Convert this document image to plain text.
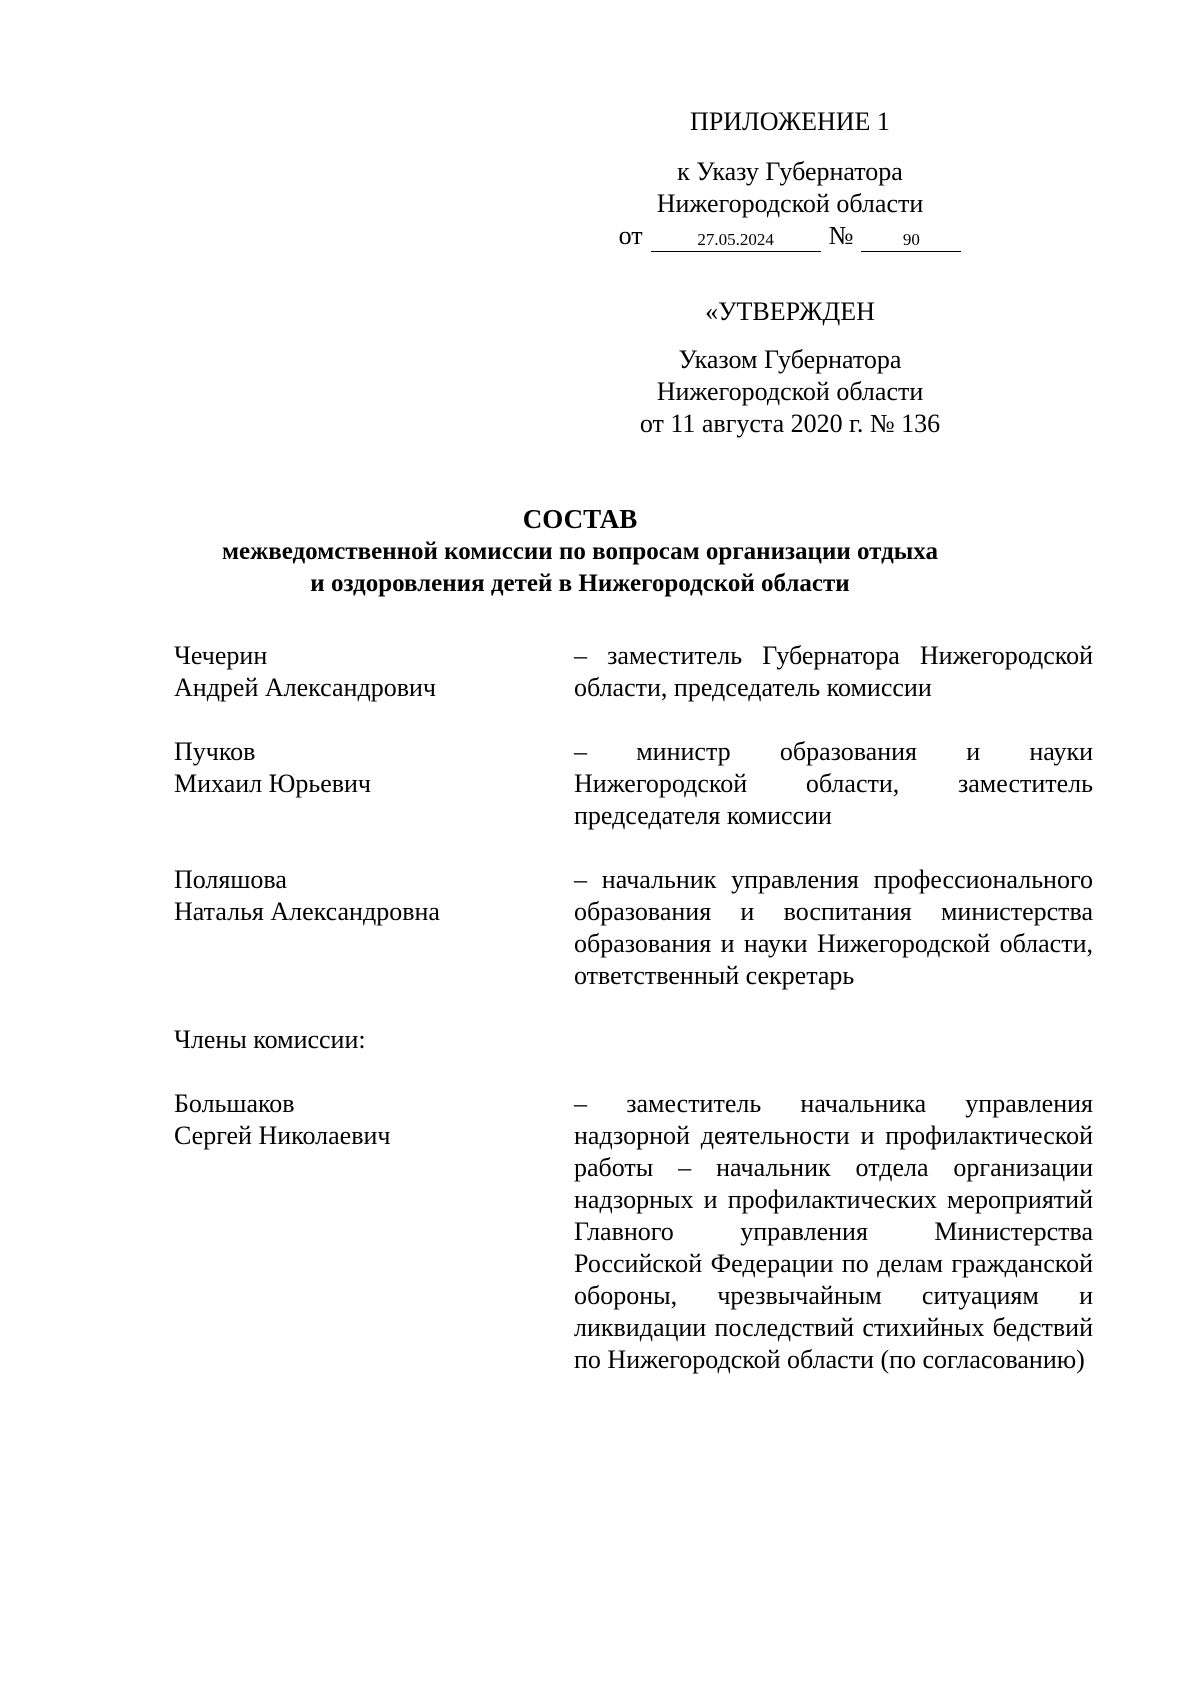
ПРИЛОЖЕНИЕ 1
к Указу Губернатора
Нижегородской области
от	27.05.2024	№	90
«УТВЕРЖДЕН
Указом Губернатора
Нижегородской области
от 11 августа 2020 г. № 136
СОСТАВ
межведомственной комиссии по вопросам организации отдыха
и оздоровления детей в Нижегородской области
Чечерин
Андрей Александрович
– заместитель Губернатора Нижегородской области, председатель комиссии
Пучков
Михаил Юрьевич
– министр образования и науки Нижегородской области, заместитель председателя комиссии
Поляшова
Наталья Александровна
– начальник управления профессионального образования и воспитания министерства образования и науки Нижегородской области, ответственный секретарь
Члены комиссии:
Большаков
Сергей Николаевич
– заместитель начальника управления надзорной деятельности и профилактической работы – начальник отдела организации надзорных и профилактических мероприятий Главного управления Министерства Российской Федерации по делам гражданской обороны, чрезвычайным ситуациям и ликвидации последствий стихийных бедствий по Нижегородской области (по согласованию)
